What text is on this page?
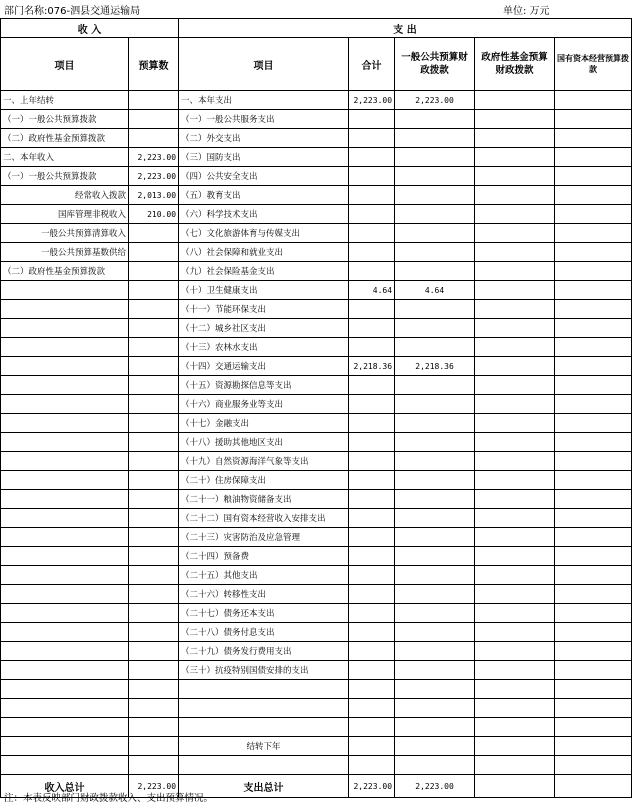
部门名称:076-泗县交通运输局	单位: 万元
收 入		支 出				
项目	预算数	项目	合计	一般公共预算财政拨款	政府性基金预算财政拨款	国有资本经营预算拨款
一、上年结转		一、本年支出	2,223.00	2,223.00		
（一）一般公共预算拨款		（一）一般公共服务支出				
（二）政府性基金预算拨款		（二）外交支出				
二、本年收入	2,223.00	（三）国防支出				
（一）一般公共预算拨款	2,223.00	（四）公共安全支出				
经常收入拨款	2,013.00	（五）教育支出				
国库管理非税收入	210.00	（六）科学技术支出				
一般公共预算清算收入		（七）文化旅游体育与传媒支出				
一般公共预算基数供给		（八）社会保障和就业支出				
（二）政府性基金预算拨款		（九）社会保险基金支出				
		（十）卫生健康支出	4.64	4.64		
		（十一）节能环保支出				
		（十二）城乡社区支出				
		（十三）农林水支出				
		（十四）交通运输支出	2,218.36	2,218.36		
		（十五）资源勘探信息等支出				
		（十六）商业服务业等支出				
		（十七）金融支出				
		（十八）援助其他地区支出				
		（十九）自然资源海洋气象等支出				
		（二十）住房保障支出				
		（二十一）粮油物资储备支出				
		（二十二）国有资本经营收入安排支出				
		（二十三）灾害防治及应急管理				
		（二十四）预备费				
		（二十五）其他支出				
		（二十六）转移性支出				
		（二十七）债务还本支出				
		（二十八）债务付息支出				
		（二十九）债务发行费用支出				
		（三十）抗疫特别国债安排的支出				

		结转下年				

收入总计	2,223.00	支出总计	2,223.00	2,223.00		
注：本表反映部门财政拨款收入、支出预算情况。
